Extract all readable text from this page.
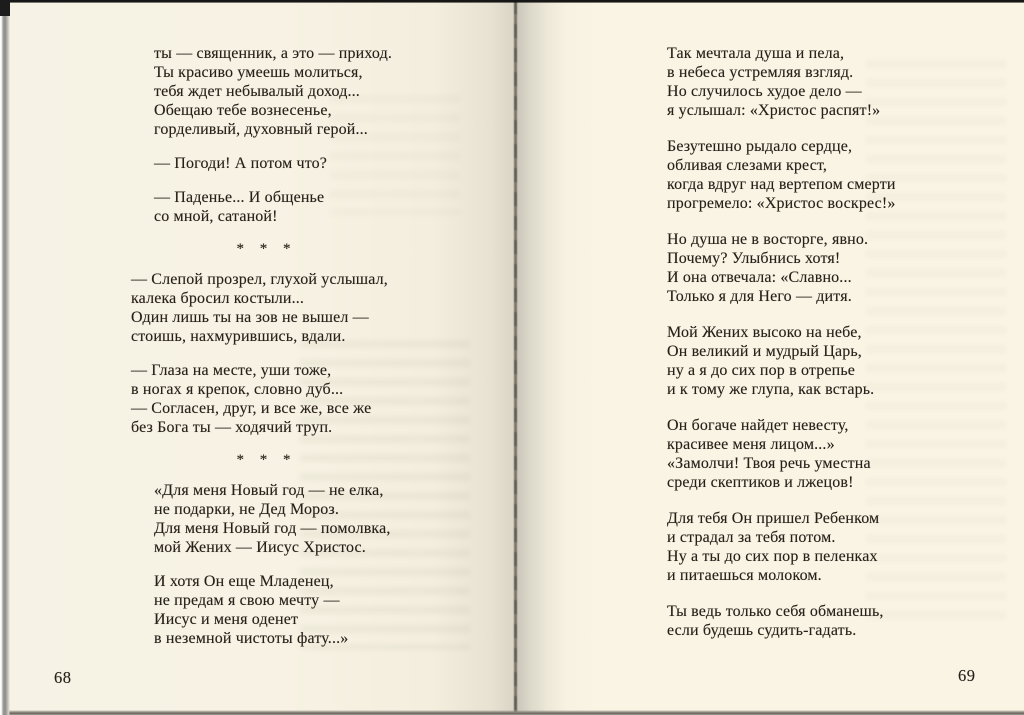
ты — священник, а это — приход.
Ты красиво умеешь молиться,
тебя ждет небывалый доход...
Обещаю тебе вознесенье,
горделивый, духовный герой...
— Погоди! А потом что?
— Паденье... И общенье
со мной, сатаной!
* * *
— Слепой прозрел, глухой услышал,
калека бросил костыли...
Один лишь ты на зов не вышел —
стоишь, нахмурившись, вдали.
— Глаза на месте, уши тоже,
в ногах я крепок, словно дуб...
— Согласен, друг, и все же, все же
без Бога ты — ходячий труп.
* * *
«Для меня Новый год — не елка,
не подарки, не Дед Мороз.
Для меня Новый год — помолвка,
мой Жених — Иисус Христос.
И хотя Он еще Младенец,
не предам я свою мечту —
Иисус и меня оденет
в неземной чистоты фату...»
68
Так мечтала душа и пела,
в небеса устремляя взгляд.
Но случилось худое дело —
я услышал: «Христос распят!»
Безутешно рыдало сердце,
обливая слезами крест,
когда вдруг над вертепом смерти
прогремело: «Христос воскрес!»
Но душа не в восторге, явно.
Почему? Улыбнись хотя!
И она отвечала: «Славно...
Только я для Него — дитя.
Мой Жених высоко на небе,
Он великий и мудрый Царь,
ну а я до сих пор в отрепье
и к тому же глупа, как встарь.
Он богаче найдет невесту,
красивее меня лицом...»
«Замолчи! Твоя речь уместна
среди скептиков и лжецов!
Для тебя Он пришел Ребенком
и страдал за тебя потом.
Ну а ты до сих пор в пеленках
и питаешься молоком.
Ты ведь только себя обманешь,
если будешь судить-гадать.
69
